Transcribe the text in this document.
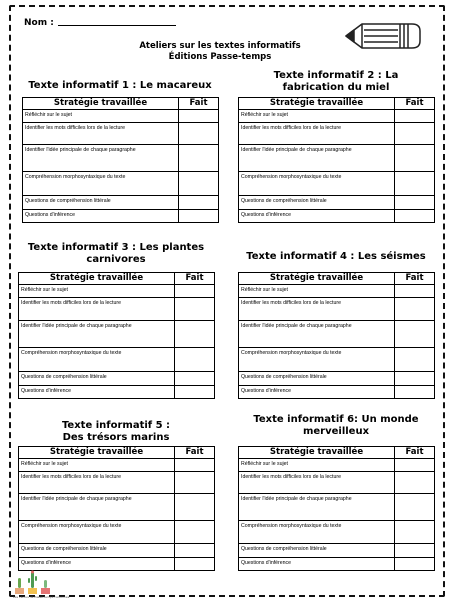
Nom :
Ateliers sur les textes informatifs
Éditions Passe-temps
Texte informatif 1 : Le macareux
Stratégie travaillée	Fait
Réfléchir sur le sujet	
Identifier les mots difficiles lors de la lecture	
Identifier l'idée principale de chaque paragraphe	
Compréhension morphosyntaxique du texte	
Questions de compréhension littérale	
Questions d'inférence	
Texte informatif 2 : La
fabrication du miel
Stratégie travaillée	Fait
Réfléchir sur le sujet	
Identifier les mots difficiles lors de la lecture	
Identifier l'idée principale de chaque paragraphe	
Compréhension morphosyntaxique du texte	
Questions de compréhension littérale	
Questions d'inférence	
Texte informatif 3 : Les plantes
carnivores
Stratégie travaillée	Fait
Réfléchir sur le sujet	
Identifier les mots difficiles lors de la lecture	
Identifier l'idée principale de chaque paragraphe	
Compréhension morphosyntaxique du texte	
Questions de compréhension littérale	
Questions d'inférence	
Texte informatif 4 : Les séismes
Stratégie travaillée	Fait
Réfléchir sur le sujet	
Identifier les mots difficiles lors de la lecture	
Identifier l'idée principale de chaque paragraphe	
Compréhension morphosyntaxique du texte	
Questions de compréhension littérale	
Questions d'inférence	
Texte informatif 5 :
Des trésors marins
Stratégie travaillée	Fait
Réfléchir sur le sujet	
Identifier les mots difficiles lors de la lecture	
Identifier l'idée principale de chaque paragraphe	
Compréhension morphosyntaxique du texte	
Questions de compréhension littérale	
Questions d'inférence	
Texte informatif 6: Un monde
merveilleux
Stratégie travaillée	Fait
Réfléchir sur le sujet	
Identifier les mots difficiles lors de la lecture	
Identifier l'idée principale de chaque paragraphe	
Compréhension morphosyntaxique du texte	
Questions de compréhension littérale	
Questions d'inférence	
Les cactus de Passe-temps cartonnés
